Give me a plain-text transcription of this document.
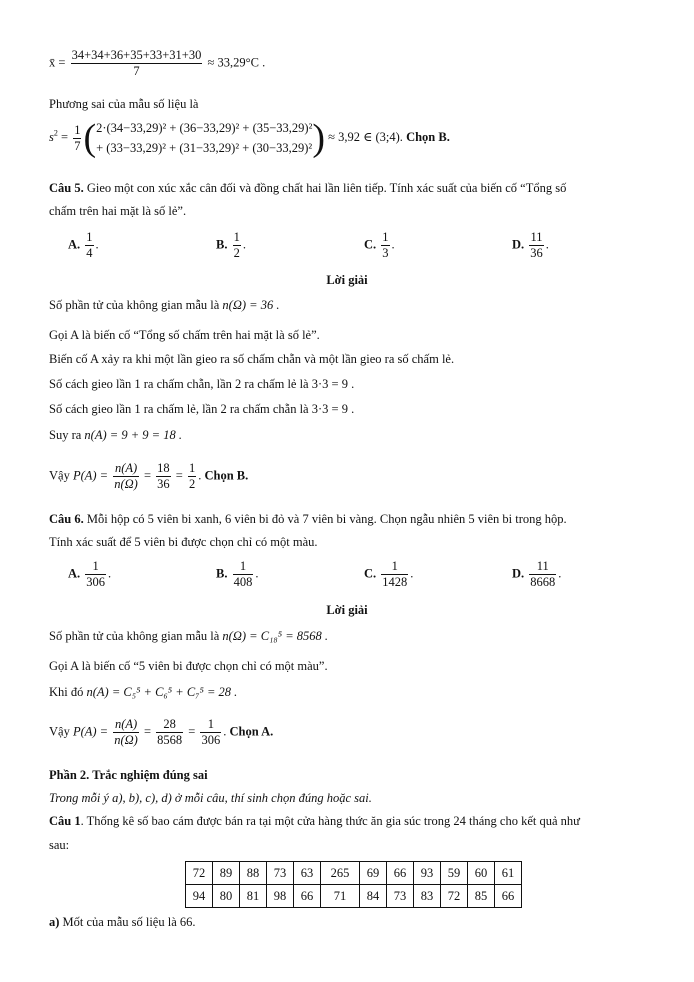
x̄ = $\frac{34+34+36+35+33+31+30}{7} \approx 33,29^\circ C$ .
Phương sai của mẫu số liệu là
$s^2 = \frac{1}{7}$ ( 2·(34−33,29)² + (36−33,29)² + (35−33,29)²
+ (33−33,29)² + (31−33,29)² + (30−33,29)² ) ≈ 3,92 ∈ (3;4). Chọn B.
Câu 5. Gieo một con xúc xắc cân đối và đồng chất hai lần liên tiếp. Tính xác suất của biến cố “Tổng số
chấm trên hai mặt là số lẻ”.
A. $\frac{1}{4}$ .	B. $\frac{1}{2}$ .	C. $\frac{1}{3}$ .	D. $\frac{11}{36}$ .
Lời giải
Số phần tử của không gian mẫu là n(Ω) = 36 .
Gọi A là biến cố “Tổng số chấm trên hai mặt là số lẻ”.
Biến cố A xảy ra khi một lần gieo ra số chấm chẵn và một lần gieo ra số chấm lẻ.
Số cách gieo lần 1 ra chấm chẵn, lần 2 ra chấm lẻ là 3·3 = 9 .
Số cách gieo lần 1 ra chấm lẻ, lần 2 ra chấm chẵn là 3·3 = 9 .
Suy ra n(A) = 9 + 9 = 18 .
Vậy $P(A) = \frac{n(A)}{n(\Omega)} = \frac{18}{36} = \frac{1}{2}$ . Chọn B.
Câu 6. Mỗi hộp có 5 viên bi xanh, 6 viên bi đỏ và 7 viên bi vàng. Chọn ngẫu nhiên 5 viên bi trong hộp.
Tính xác suất để 5 viên bi được chọn chỉ có một màu.
A. $\frac{1}{306}$ .	B. $\frac{1}{408}$ .	C. $\frac{1}{1428}$ .	D. $\frac{11}{8668}$ .
Lời giải
Số phần tử của không gian mẫu là n(Ω) = C₁₈⁵ = 8568 .
Gọi A là biến cố “5 viên bi được chọn chỉ có một màu”.
Khi đó n(A) = C₅⁵ + C₆⁵ + C₇⁵ = 28 .
Vậy $P(A) = \frac{n(A)}{n(\Omega)} = \frac{28}{8568} = \frac{1}{306}$ . Chọn A.
Phần 2. Trắc nghiệm đúng sai
Trong mỗi ý a), b), c), d) ở mỗi câu, thí sinh chọn đúng hoặc sai.
Câu 1. Thống kê số bao cám được bán ra tại một cửa hàng thức ăn gia súc trong 24 tháng cho kết quả như
sau:
72	89	88	73	63	265	69	66	93	59	60	61
94	80	81	98	66	71	84	73	83	72	85	66
a) Mốt của mẫu số liệu là 66.
